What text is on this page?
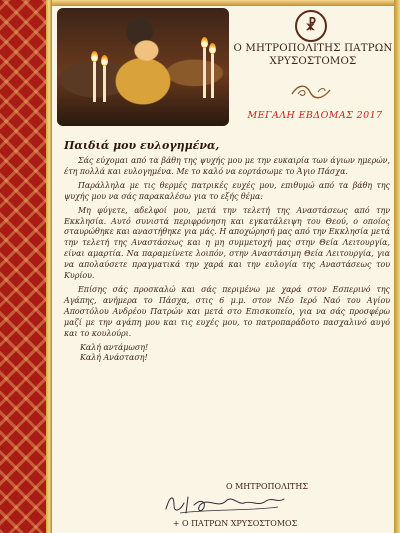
☧
Ο ΜΗΤΡΟΠΟΛΙΤΗΣ ΠΑΤΡΩΝ
ΧΡΥΣΟΣΤΟΜΟΣ
ΜΕΓΑΛΗ ΕΒΔΟΜΑΣ 2017
Παιδιά μου ευλογημένα,

Σάς εύχομαι από τα βάθη της ψυχής μου με την ευκαιρία των άγιων ημερών, έτη πολλά και ευλογημένα. Με το καλό να εορτάσωμε το Άγιο Πάσχα.

Παράλληλα με τις θερμές πατρικές ευχές μου, επιθυμώ από τα βάθη της ψυχής μου να σάς παρακαλέσω για το εξής θέμα:

Μη φύγετε, αδελφοί μου, μετά την τελετή της Αναστάσεως από την Εκκλησία. Αυτό συνιστά περιφρόνηση και εγκατάλειψη του Θεού, ο οποίος σταυρώθηκε και αναστήθηκε για μάς. Η αποχώρησή μας από την Εκκλησία μετά την τελετή της Αναστάσεως και η μη συμμετοχή μας στην Θεία Λειτουργία, είναι αμαρτία. Να παραμείνετε λοιπόν, στην Αναστάσιμη Θεία Λειτουργία, για να απολαύσετε πραγματικά την χαρά και την ευλογία της Αναστάσεως του Κυρίου.

Επίσης σάς προσκαλώ και σάς περιμένω με χαρά στον Εσπερινό της Αγάπης, ανήμερα το Πάσχα, στις 6 μ.μ. στον Νέο Ιερό Ναό του Αγίου Αποστόλου Ανδρέου Πατρών και μετά στο Επισκοπείο, για να σάς προσφέρω μαζί με την αγάπη μου και τις ευχές μου, το πατροπαράδοτο πασχαλινό αυγό και το κουλούρι.

Καλή αντάμωση!

Καλή Ανάσταση!

Ο ΜΗΤΡΟΠΟΛΙΤΗΣ
+ Ο ΠΑΤΡΩΝ ΧΡΥΣΟΣΤΟΜΟΣ
